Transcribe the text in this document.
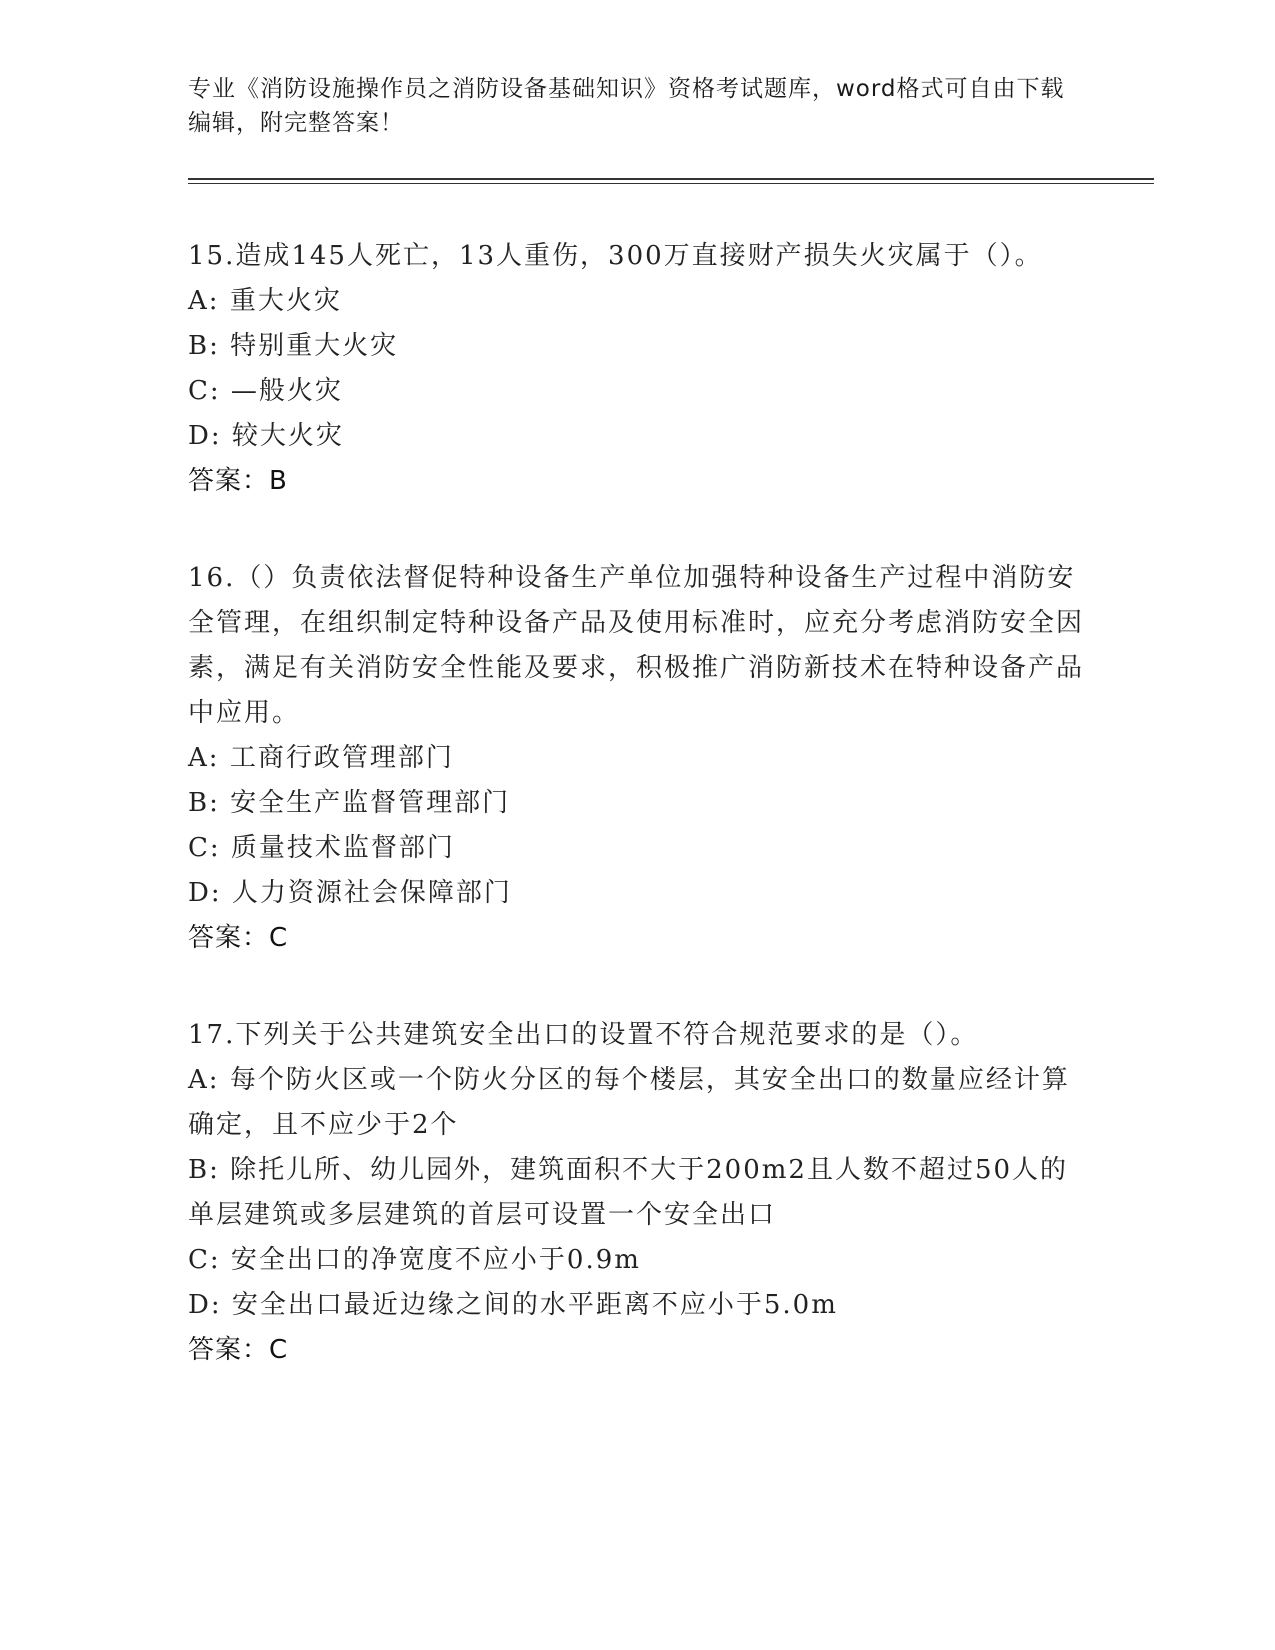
专业《消防设施操作员之消防设备基础知识》资格考试题库，word格式可自由下载编辑，附完整答案！
15.造成145人死亡，13人重伤，300万直接财产损失火灾属于（）。
A: 重大火灾
B: 特别重大火灾
C: —般火灾
D: 较大火灾
答案：B
16.（）负责依法督促特种设备生产单位加强特种设备生产过程中消防安全管理，在组织制定特种设备产品及使用标准时，应充分考虑消防安全因素，满足有关消防安全性能及要求，积极推广消防新技术在特种设备产品中应用。
A: 工商行政管理部门
B: 安全生产监督管理部门
C: 质量技术监督部门
D: 人力资源社会保障部门
答案：C
17.下列关于公共建筑安全出口的设置不符合规范要求的是（）。
A: 每个防火区或一个防火分区的每个楼层，其安全出口的数量应经计算确定，且不应少于2个
B: 除托儿所、幼儿园外，建筑面积不大于200m2且人数不超过50人的单层建筑或多层建筑的首层可设置一个安全出口
C: 安全出口的净宽度不应小于0.9m
D: 安全出口最近边缘之间的水平距离不应小于5.0m
答案：C
